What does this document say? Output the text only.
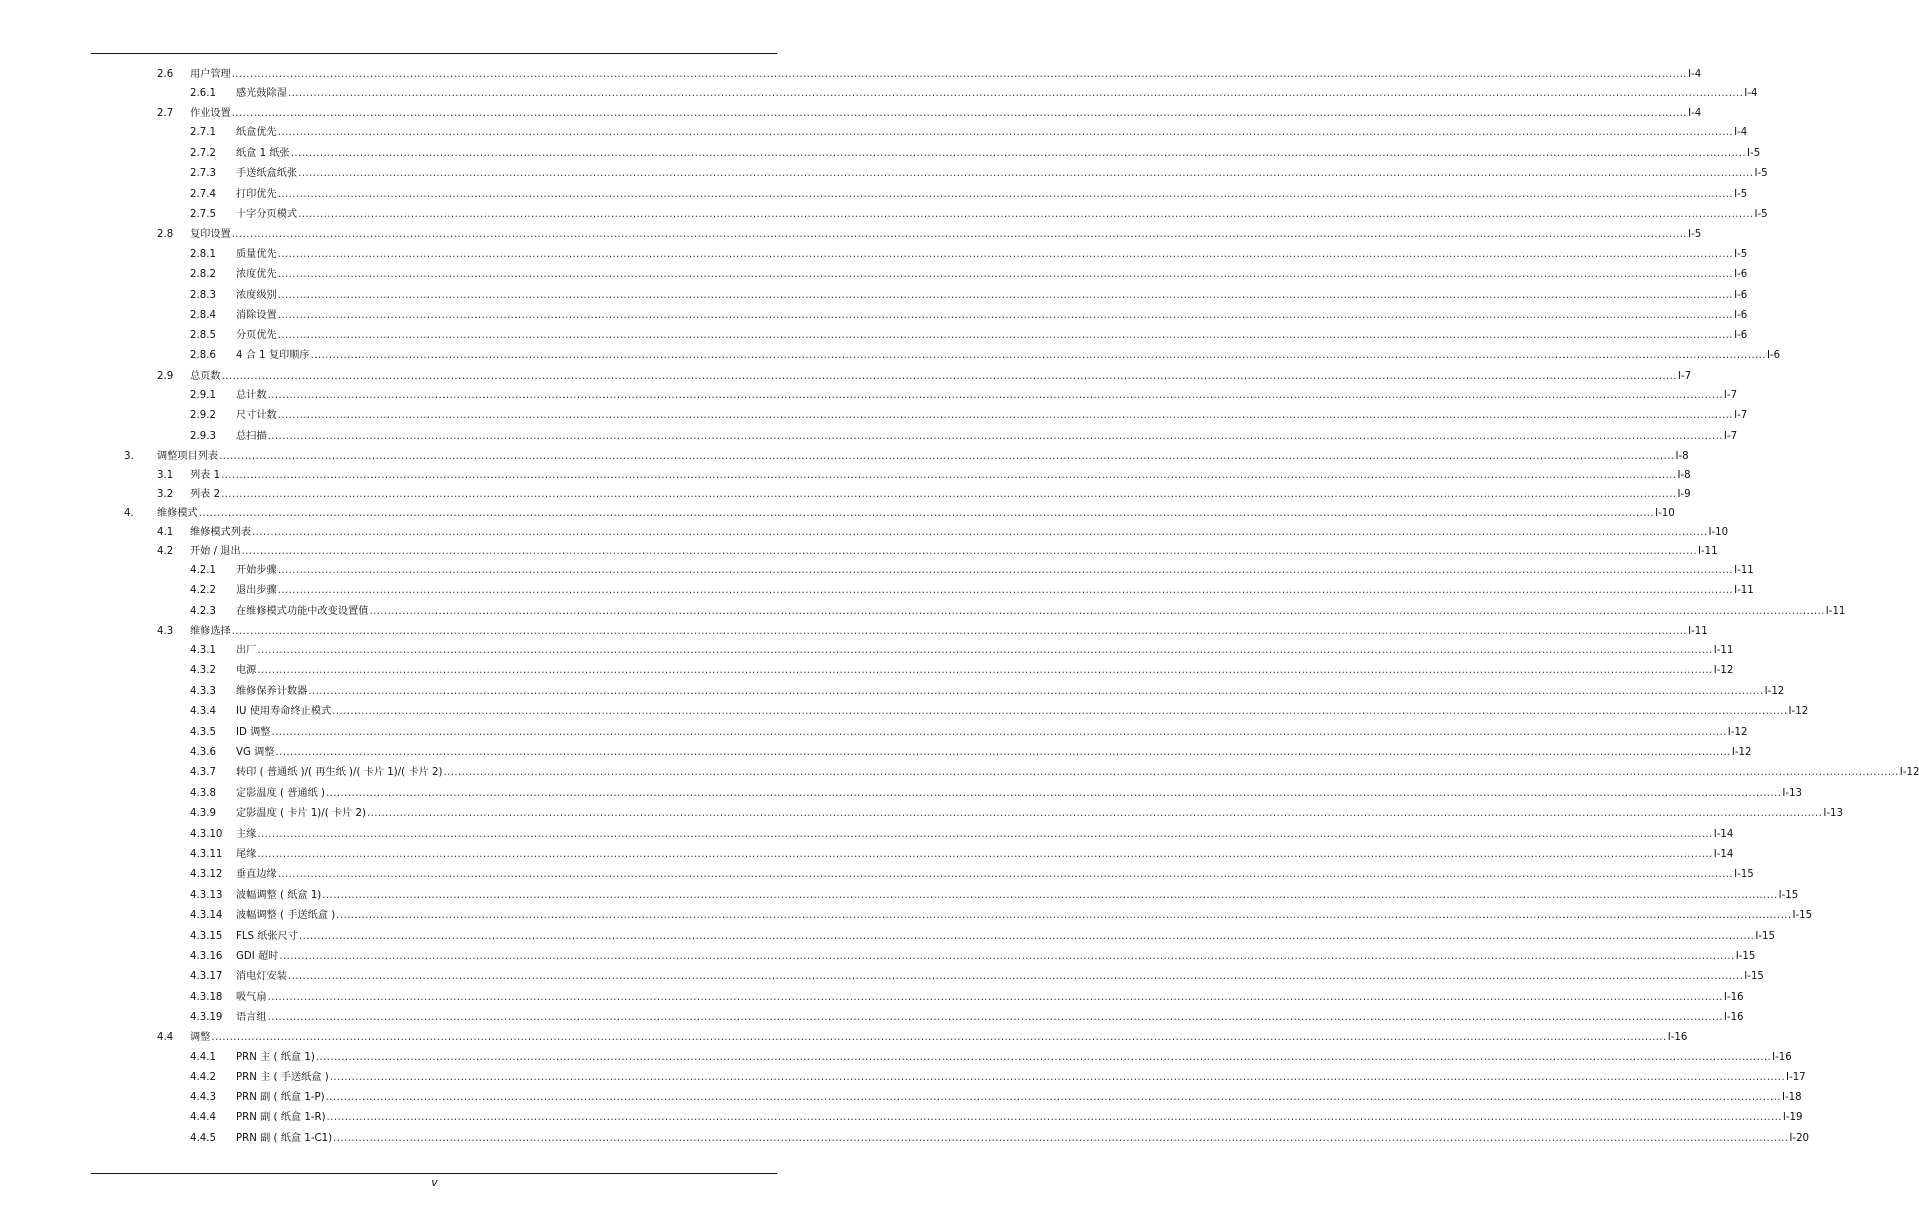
2.6 用户管理 ................................................................................................................................................................................................................................................................................................................................................................................................................ I-4
2.6.1 感光鼓除湿 ................................................................................................................................................................................................................................................................................................................................................................................................................ I-4
2.7 作业设置 ................................................................................................................................................................................................................................................................................................................................................................................................................ I-4
2.7.1 纸盒优先 ................................................................................................................................................................................................................................................................................................................................................................................................................ I-4
2.7.2 纸盒 1 纸张 ................................................................................................................................................................................................................................................................................................................................................................................................................ I-5
2.7.3 手送纸盒纸张 ................................................................................................................................................................................................................................................................................................................................................................................................................ I-5
2.7.4 打印优先 ................................................................................................................................................................................................................................................................................................................................................................................................................ I-5
2.7.5 十字分页模式 ................................................................................................................................................................................................................................................................................................................................................................................................................ I-5
2.8 复印设置 ................................................................................................................................................................................................................................................................................................................................................................................................................ I-5
2.8.1 质量优先 ................................................................................................................................................................................................................................................................................................................................................................................................................ I-5
2.8.2 浓度优先 ................................................................................................................................................................................................................................................................................................................................................................................................................ I-6
2.8.3 浓度级别 ................................................................................................................................................................................................................................................................................................................................................................................................................ I-6
2.8.4 消除设置 ................................................................................................................................................................................................................................................................................................................................................................................................................ I-6
2.8.5 分页优先 ................................................................................................................................................................................................................................................................................................................................................................................................................ I-6
2.8.6 4 合 1 复印顺序 ................................................................................................................................................................................................................................................................................................................................................................................................................ I-6
2.9 总页数 ................................................................................................................................................................................................................................................................................................................................................................................................................ I-7
2.9.1 总计数 ................................................................................................................................................................................................................................................................................................................................................................................................................ I-7
2.9.2 尺寸计数 ................................................................................................................................................................................................................................................................................................................................................................................................................ I-7
2.9.3 总扫描 ................................................................................................................................................................................................................................................................................................................................................................................................................ I-7
3. 调整项目列表 ................................................................................................................................................................................................................................................................................................................................................................................................................ I-8
3.1 列表 1 ................................................................................................................................................................................................................................................................................................................................................................................................................ I-8
3.2 列表 2 ................................................................................................................................................................................................................................................................................................................................................................................................................ I-9
4. 维修模式 ................................................................................................................................................................................................................................................................................................................................................................................................................ I-10
4.1 维修模式列表 ................................................................................................................................................................................................................................................................................................................................................................................................................ I-10
4.2 开始 / 退出 ................................................................................................................................................................................................................................................................................................................................................................................................................ I-11
4.2.1 开始步骤 ................................................................................................................................................................................................................................................................................................................................................................................................................ I-11
4.2.2 退出步骤 ................................................................................................................................................................................................................................................................................................................................................................................................................ I-11
4.2.3 在维修模式功能中改变设置值 ................................................................................................................................................................................................................................................................................................................................................................................................................ I-11
4.3 维修选择 ................................................................................................................................................................................................................................................................................................................................................................................................................ I-11
4.3.1 出厂 ................................................................................................................................................................................................................................................................................................................................................................................................................ I-11
4.3.2 电源 ................................................................................................................................................................................................................................................................................................................................................................................................................ I-12
4.3.3 维修保养计数器 ................................................................................................................................................................................................................................................................................................................................................................................................................ I-12
4.3.4 IU 使用寿命终止模式 ................................................................................................................................................................................................................................................................................................................................................................................................................ I-12
4.3.5 ID 调整 ................................................................................................................................................................................................................................................................................................................................................................................................................ I-12
4.3.6 VG 调整 ................................................................................................................................................................................................................................................................................................................................................................................................................ I-12
4.3.7 转印 ( 普通纸 )/( 再生纸 )/( 卡片 1)/( 卡片 2) ................................................................................................................................................................................................................................................................................................................................................................................................................ I-12
4.3.8 定影温度 ( 普通纸 ) ................................................................................................................................................................................................................................................................................................................................................................................................................ I-13
4.3.9 定影温度 ( 卡片 1)/( 卡片 2) ................................................................................................................................................................................................................................................................................................................................................................................................................ I-13
4.3.10 主缘 ................................................................................................................................................................................................................................................................................................................................................................................................................ I-14
4.3.11 尾缘 ................................................................................................................................................................................................................................................................................................................................................................................................................ I-14
4.3.12 垂直边缘 ................................................................................................................................................................................................................................................................................................................................................................................................................ I-15
4.3.13 波幅调整 ( 纸盒 1) ................................................................................................................................................................................................................................................................................................................................................................................................................ I-15
4.3.14 波幅调整 ( 手送纸盒 ) ................................................................................................................................................................................................................................................................................................................................................................................................................ I-15
4.3.15 FLS 纸张尺寸 ................................................................................................................................................................................................................................................................................................................................................................................................................ I-15
4.3.16 GDI 超时 ................................................................................................................................................................................................................................................................................................................................................................................................................ I-15
4.3.17 消电灯安装 ................................................................................................................................................................................................................................................................................................................................................................................................................ I-15
4.3.18 吸气扇 ................................................................................................................................................................................................................................................................................................................................................................................................................ I-16
4.3.19 语言组 ................................................................................................................................................................................................................................................................................................................................................................................................................ I-16
4.4 调整 ................................................................................................................................................................................................................................................................................................................................................................................................................ I-16
4.4.1 PRN 主 ( 纸盒 1) ................................................................................................................................................................................................................................................................................................................................................................................................................ I-16
4.4.2 PRN 主 ( 手送纸盒 ) ................................................................................................................................................................................................................................................................................................................................................................................................................ I-17
4.4.3 PRN 副 ( 纸盒 1-P) ................................................................................................................................................................................................................................................................................................................................................................................................................ I-18
4.4.4 PRN 副 ( 纸盒 1-R) ................................................................................................................................................................................................................................................................................................................................................................................................................ I-19
4.4.5 PRN 副 ( 纸盒 1-C1) ................................................................................................................................................................................................................................................................................................................................................................................................................ I-20
v
